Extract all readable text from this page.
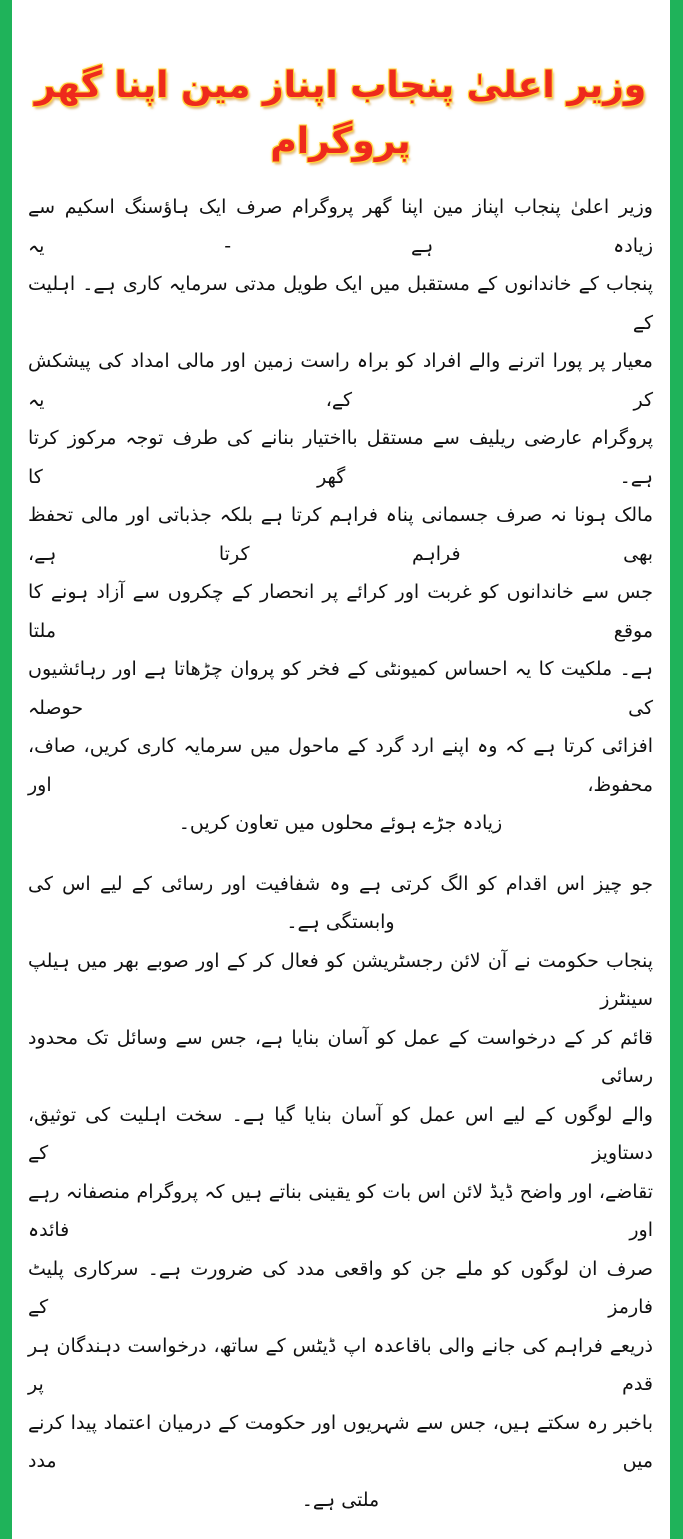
وزیر اعلیٰ پنجاب اپناز مین اپنا گھر
پروگرام
وزیر اعلیٰ پنجاب اپناز مین اپنا گھر پروگرام صرف ایک ہاؤسنگ اسکیم سے زیادہ ہے - یہ
پنجاب کے خاندانوں کے مستقبل میں ایک طویل مدتی سرمایہ کاری ہے۔ اہلیت کے
معیار پر پورا اترنے والے افراد کو براہ راست زمین اور مالی امداد کی پیشکش کر کے، یہ
پروگرام عارضی ریلیف سے مستقل بااختیار بنانے کی طرف توجہ مرکوز کرتا ہے۔ گھر کا
مالک ہونا نہ صرف جسمانی پناہ فراہم کرتا ہے بلکہ جذباتی اور مالی تحفظ بھی فراہم کرتا ہے،
جس سے خاندانوں کو غربت اور کرائے پر انحصار کے چکروں سے آزاد ہونے کا موقع ملتا
ہے۔ ملکیت کا یہ احساس کمیونٹی کے فخر کو پروان چڑھاتا ہے اور رہائشیوں کی حوصلہ
افزائی کرتا ہے کہ وہ اپنے ارد گرد کے ماحول میں سرمایہ کاری کریں، صاف، محفوظ، اور
زیادہ جڑے ہوئے محلوں میں تعاون کریں۔
جو چیز اس اقدام کو الگ کرتی ہے وہ شفافیت اور رسائی کے لیے اس کی وابستگی ہے۔
پنجاب حکومت نے آن لائن رجسٹریشن کو فعال کر کے اور صوبے بھر میں ہیلپ سینٹرز
قائم کر کے درخواست کے عمل کو آسان بنایا ہے، جس سے وسائل تک محدود رسائی
والے لوگوں کے لیے اس عمل کو آسان بنایا گیا ہے۔ سخت اہلیت کی توثیق، دستاویز کے
تقاضے، اور واضح ڈیڈ لائن اس بات کو یقینی بناتے ہیں کہ پروگرام منصفانہ رہے اور فائدہ
صرف ان لوگوں کو ملے جن کو واقعی مدد کی ضرورت ہے۔ سرکاری پلیٹ فارمز کے
ذریعے فراہم کی جانے والی باقاعدہ اپ ڈیٹس کے ساتھ، درخواست دہندگان ہر قدم پر
باخبر رہ سکتے ہیں، جس سے شہریوں اور حکومت کے درمیان اعتماد پیدا کرنے میں مدد
ملتی ہے۔
